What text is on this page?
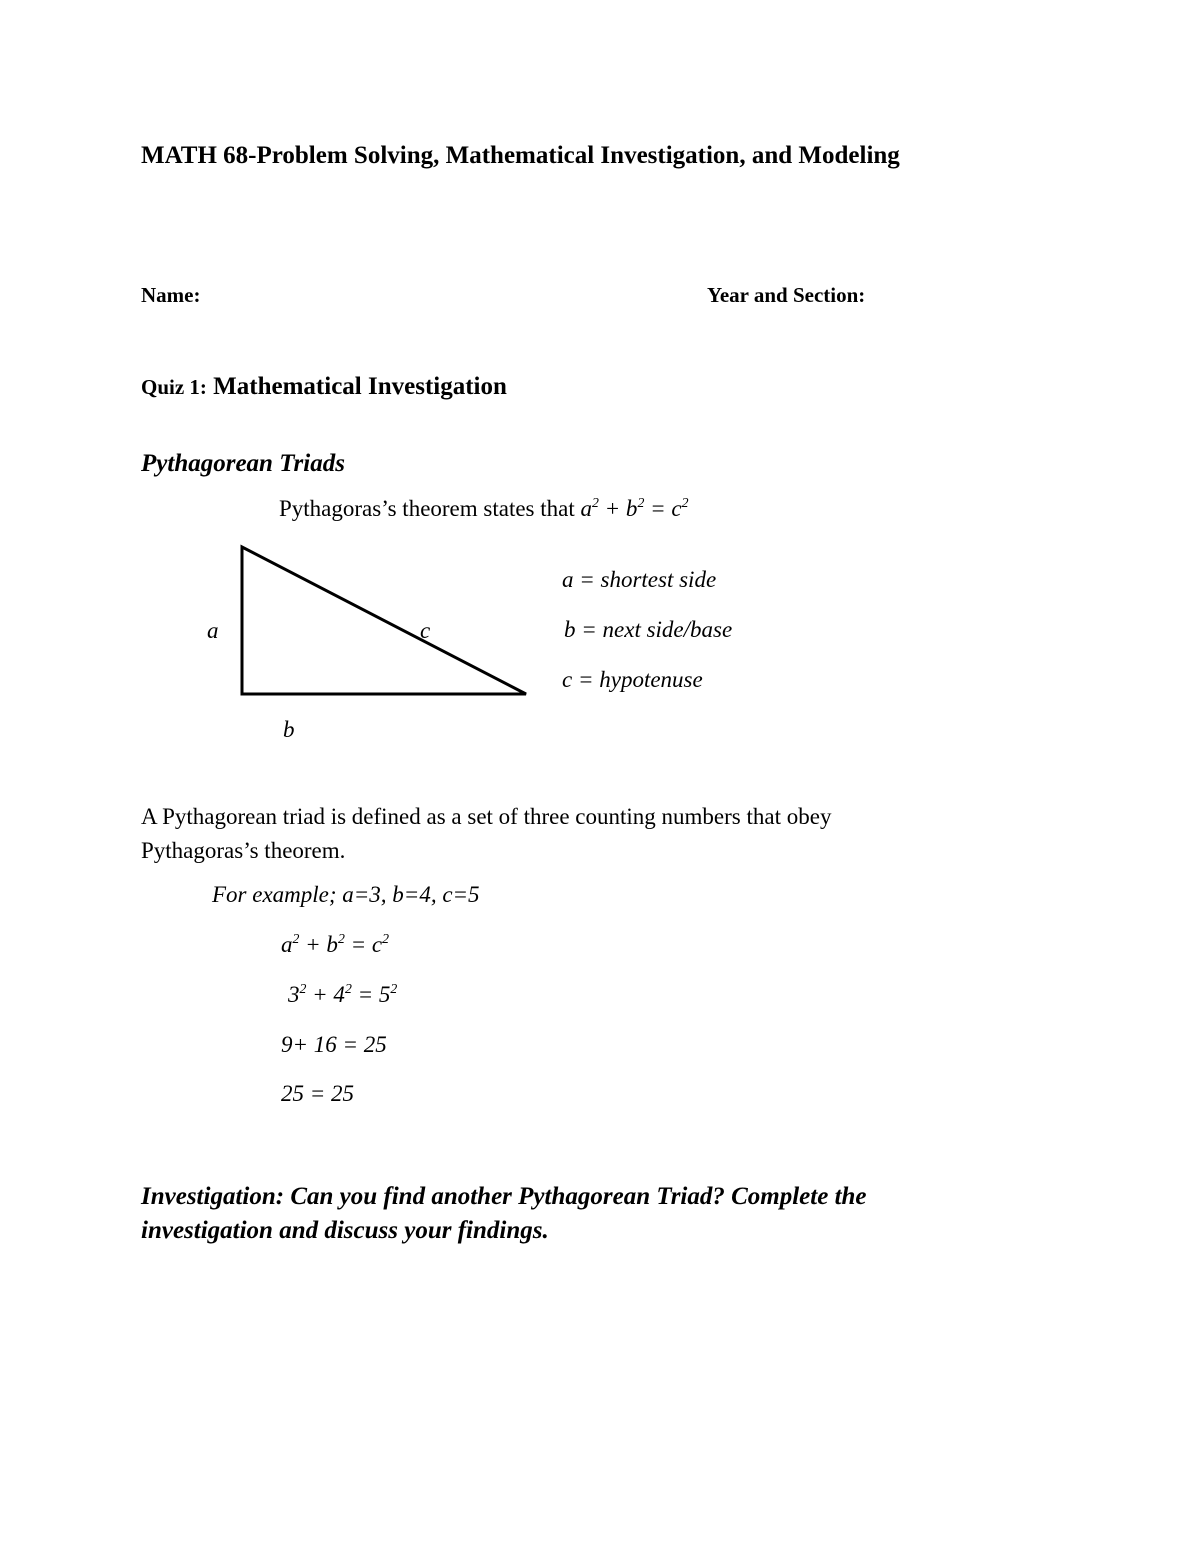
MATH 68-Problem Solving, Mathematical Investigation, and Modeling
Name:	Year and Section:
Quiz 1: Mathematical Investigation
Pythagorean Triads
Pythagoras’s theorem states that $a^2 + b^2 = c^2$
a	c
b
a = shortest side
b = next side/base
c = hypotenuse
A Pythagorean triad is defined as a set of three counting numbers that obey
Pythagoras’s theorem.
For example; a=3, b=4, c=5
$a^2 + b^2 = c^2$
$3^2 + 4^2 = 5^2$
9+ 16 = 25
25 = 25
Investigation: Can you find another Pythagorean Triad? Complete the
investigation and discuss your findings.
